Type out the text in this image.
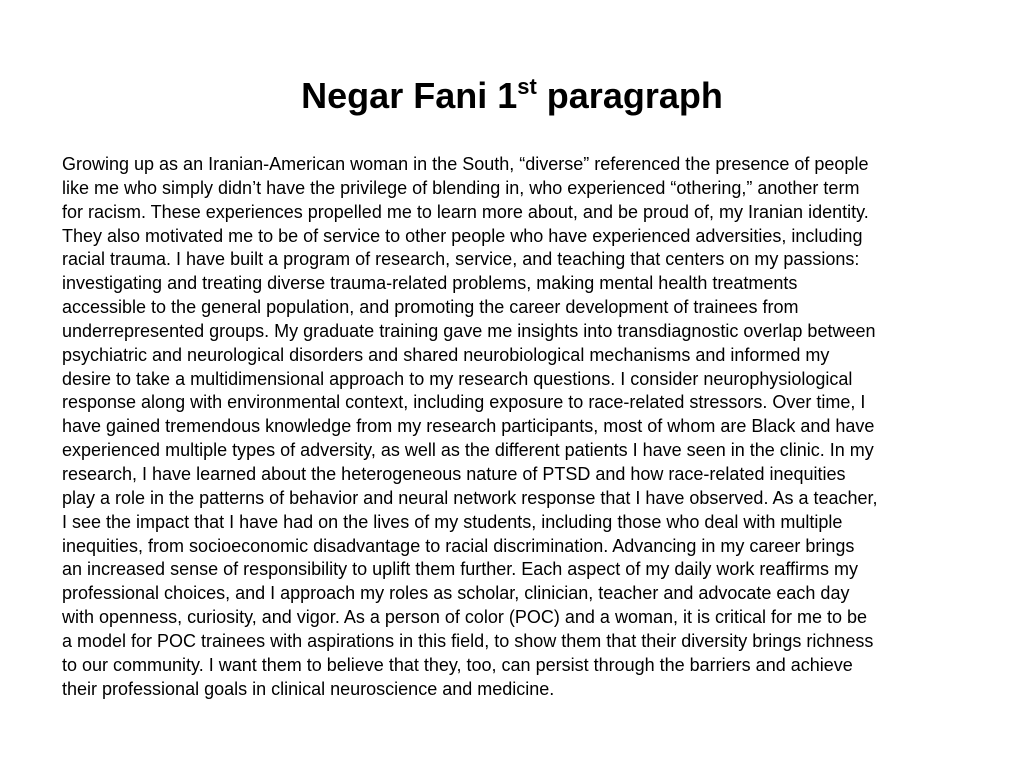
Negar Fani 1st paragraph

Growing up as an Iranian-American woman in the South, “diverse” referenced the presence of people
like me who simply didn’t have the privilege of blending in, who experienced “othering,” another term
for racism. These experiences propelled me to learn more about, and be proud of, my Iranian identity.
They also motivated me to be of service to other people who have experienced adversities, including
racial trauma. I have built a program of research, service, and teaching that centers on my passions:
investigating and treating diverse trauma-related problems, making mental health treatments
accessible to the general population, and promoting the career development of trainees from
underrepresented groups. My graduate training gave me insights into transdiagnostic overlap between
psychiatric and neurological disorders and shared neurobiological mechanisms and informed my
desire to take a multidimensional approach to my research questions. I consider neurophysiological
response along with environmental context, including exposure to race-related stressors. Over time, I
have gained tremendous knowledge from my research participants, most of whom are Black and have
experienced multiple types of adversity, as well as the different patients I have seen in the clinic. In my
research, I have learned about the heterogeneous nature of PTSD and how race-related inequities
play a role in the patterns of behavior and neural network response that I have observed. As a teacher,
I see the impact that I have had on the lives of my students, including those who deal with multiple
inequities, from socioeconomic disadvantage to racial discrimination. Advancing in my career brings
an increased sense of responsibility to uplift them further. Each aspect of my daily work reaffirms my
professional choices, and I approach my roles as scholar, clinician, teacher and advocate each day
with openness, curiosity, and vigor. As a person of color (POC) and a woman, it is critical for me to be
a model for POC trainees with aspirations in this field, to show them that their diversity brings richness
to our community. I want them to believe that they, too, can persist through the barriers and achieve
their professional goals in clinical neuroscience and medicine.
